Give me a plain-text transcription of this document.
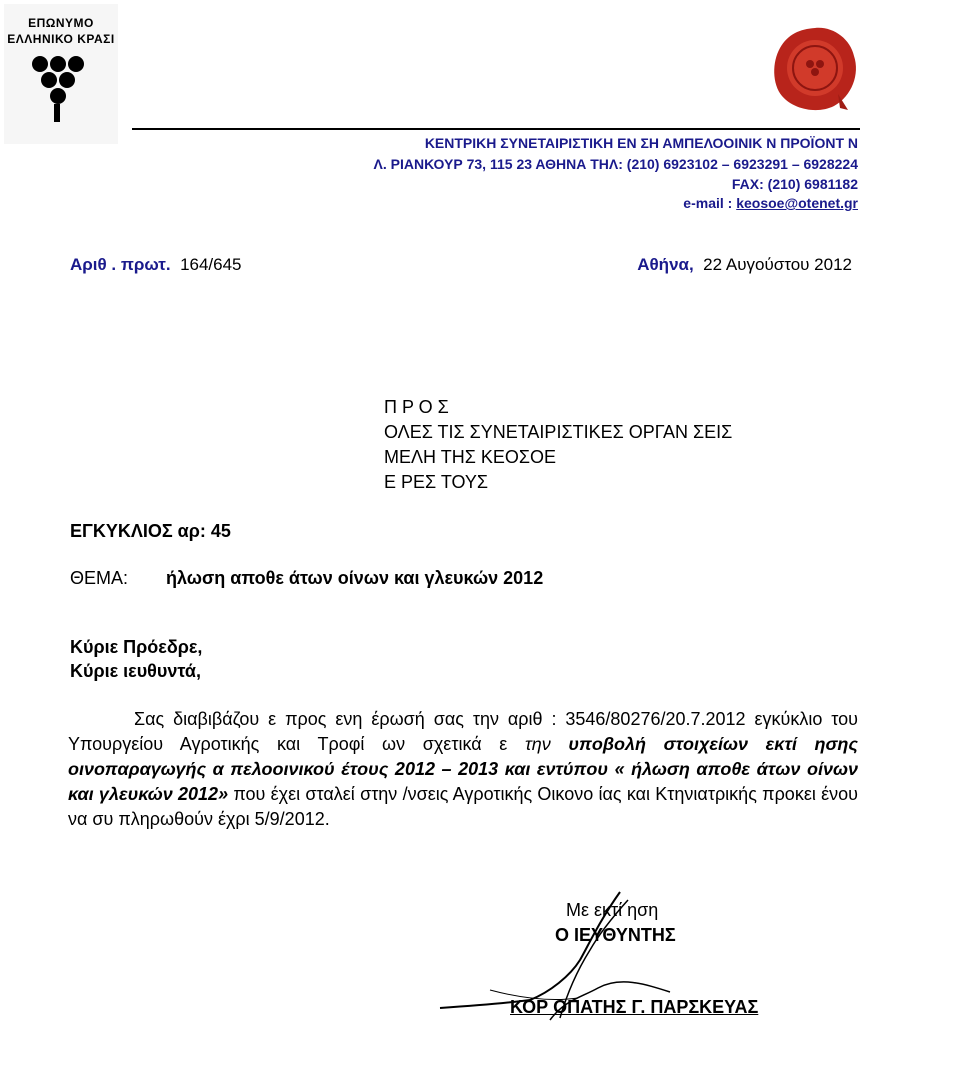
ΕΠΩΝΥΜΟ
ΕΛΛΗΝΙΚΟ ΚΡΑΣΙ
ΚΕΝΤΡΙΚΗ ΣΥΝΕΤΑΙΡΙΣΤΙΚΗ ΕΝ ΣΗ ΑΜΠΕΛΟΟΙΝΙΚ Ν ΠΡΟΪΟΝΤ Ν
Λ. ΡΙΑΝΚΟΥΡ 73, 115 23 ΑΘΗΝΑ ΤΗΛ: (210) 6923102 – 6923291 – 6928224
FAX: (210) 6981182
e-mail : keosoe@otenet.gr
Αριθ . πρωτ. 164/645	Αθήνα, 22 Αυγούστου 2012
Π Ρ Ο Σ
ΟΛΕΣ ΤΙΣ ΣΥΝΕΤΑΙΡΙΣΤΙΚΕΣ ΟΡΓΑΝ ΣΕΙΣ
ΜΕΛΗ ΤΗΣ ΚΕΟΣΟΕ
Ε ΡΕΣ ΤΟΥΣ
ΕΓΚΥΚΛΙΟΣ αρ: 45
ΘΕΜΑ: ήλωση αποθε άτων οίνων και γλευκών 2012
Κύριε Πρόεδρε,
Κύριε ιευθυντά,
Σας διαβιβάζου ε προς ενη έρωσή σας την αριθ : 3546/80276/20.7.2012 εγκύκλιο του Υπουργείου Αγροτικής και Τροφί ων σχετικά ε την υποβολή στοιχείων εκτί ησης οινοπαραγωγής α πελοοινικού έτους 2012 – 2013 και εντύπου « ήλωση αποθε άτων οίνων και γλευκών 2012» που έχει σταλεί στην /νσεις Αγροτικής Οικονο ίας και Κτηνιατρικής προκει ένου να συ πληρωθούν έχρι 5/9/2012.
Με εκτί ηση
Ο ΙΕΥΘΥΝΤΗΣ
ΚΟΡ ΟΠΑΤΗΣ Γ. ΠΑΡΣΚΕΥΑΣ
